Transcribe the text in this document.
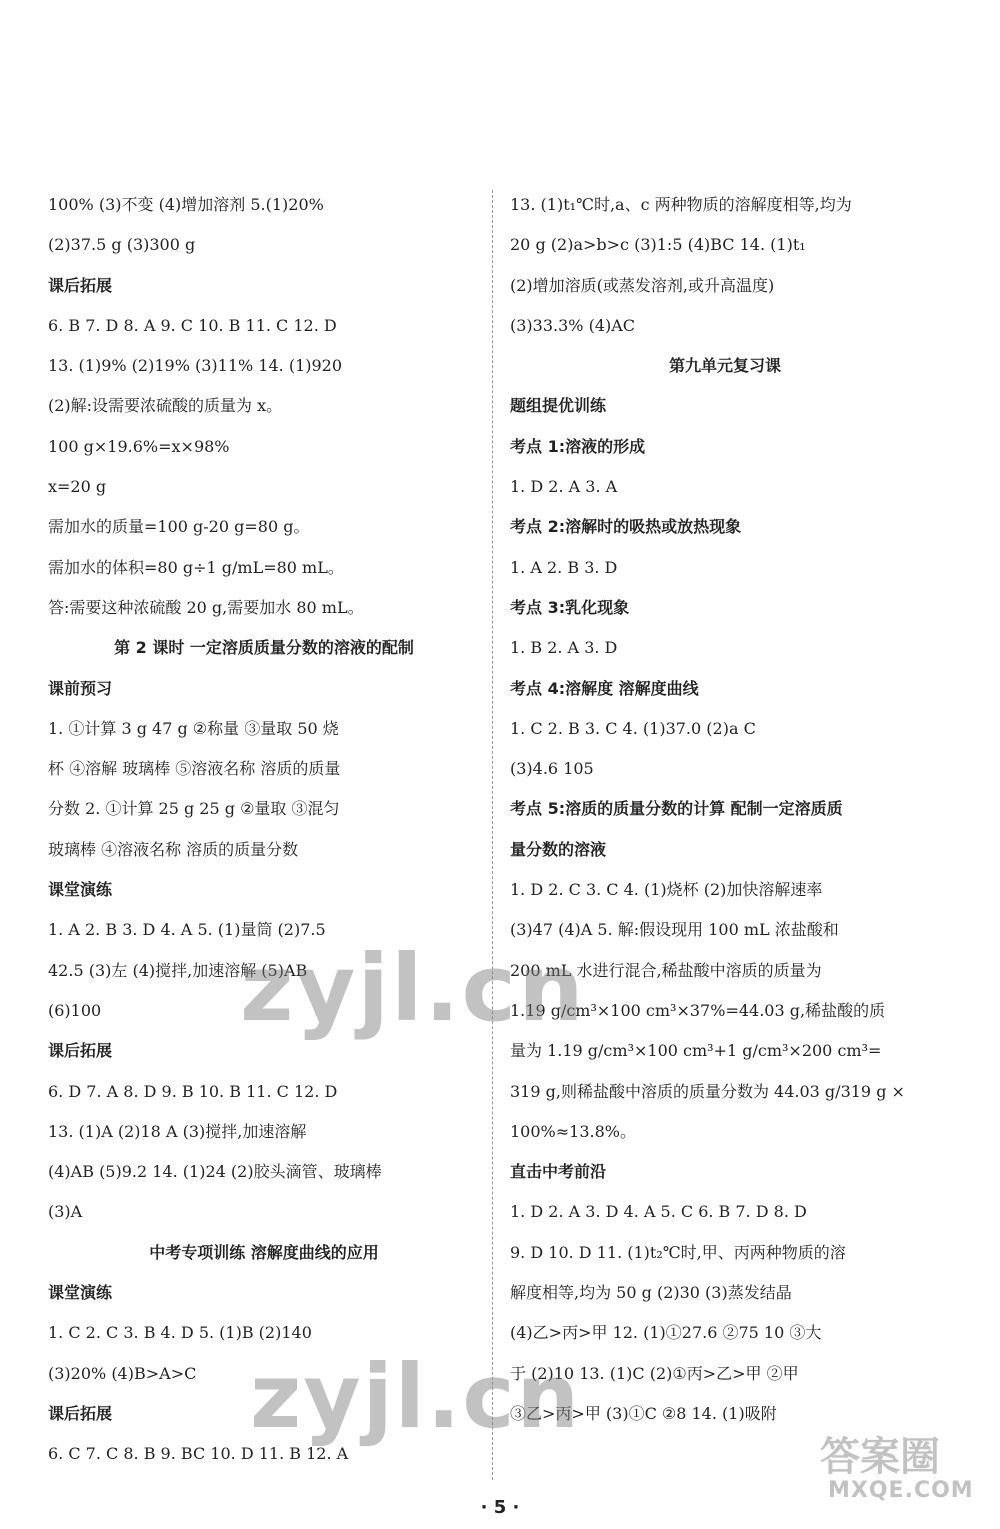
100% (3)不变 (4)增加溶剂 5.(1)20%
(2)37.5 g (3)300 g
课后拓展
6. B 7. D 8. A 9. C 10. B 11. C 12. D
13. (1)9% (2)19% (3)11% 14. (1)920
(2)解:设需要浓硫酸的质量为 x。
100 g×19.6%=x×98%
x=20 g
需加水的质量=100 g-20 g=80 g。
需加水的体积=80 g÷1 g/mL=80 mL。
答:需要这种浓硫酸 20 g,需要加水 80 mL。
第 2 课时 一定溶质质量分数的溶液的配制
课前预习
1. ①计算 3 g 47 g ②称量 ③量取 50 烧
杯 ④溶解 玻璃棒 ⑤溶液名称 溶质的质量
分数 2. ①计算 25 g 25 g ②量取 ③混匀
玻璃棒 ④溶液名称 溶质的质量分数
课堂演练
1. A 2. B 3. D 4. A 5. (1)量筒 (2)7.5
42.5 (3)左 (4)搅拌,加速溶解 (5)AB
(6)100
课后拓展
6. D 7. A 8. D 9. B 10. B 11. C 12. D
13. (1)A (2)18 A (3)搅拌,加速溶解
(4)AB (5)9.2 14. (1)24 (2)胶头滴管、玻璃棒
(3)A
中考专项训练 溶解度曲线的应用
课堂演练
1. C 2. C 3. B 4. D 5. (1)B (2)140
(3)20% (4)B>A>C
课后拓展
6. C 7. C 8. B 9. BC 10. D 11. B 12. A
13. (1)t₁℃时,a、c 两种物质的溶解度相等,均为
20 g (2)a>b>c (3)1:5 (4)BC 14. (1)t₁
(2)增加溶质(或蒸发溶剂,或升高温度)
(3)33.3% (4)AC
第九单元复习课
题组提优训练
考点 1:溶液的形成
1. D 2. A 3. A
考点 2:溶解时的吸热或放热现象
1. A 2. B 3. D
考点 3:乳化现象
1. B 2. A 3. D
考点 4:溶解度 溶解度曲线
1. C 2. B 3. C 4. (1)37.0 (2)a C
(3)4.6 105
考点 5:溶质的质量分数的计算 配制一定溶质质
量分数的溶液
1. D 2. C 3. C 4. (1)烧杯 (2)加快溶解速率
(3)47 (4)A 5. 解:假设现用 100 mL 浓盐酸和
200 mL 水进行混合,稀盐酸中溶质的质量为
1.19 g/cm³×100 cm³×37%=44.03 g,稀盐酸的质
量为 1.19 g/cm³×100 cm³+1 g/cm³×200 cm³=
319 g,则稀盐酸中溶质的质量分数为 44.03 g/319 g ×
100%≈13.8%。
直击中考前沿
1. D 2. A 3. D 4. A 5. C 6. B 7. D 8. D
9. D 10. D 11. (1)t₂℃时,甲、丙两种物质的溶
解度相等,均为 50 g (2)30 (3)蒸发结晶
(4)乙>丙>甲 12. (1)①27.6 ②75 10 ③大
于 (2)10 13. (1)C (2)①丙>乙>甲 ②甲
③乙>丙>甲 (3)①C ②8 14. (1)吸附
· 5 ·
zyjl.cn
zyjl.cn
答案圈
MXQE.COM
